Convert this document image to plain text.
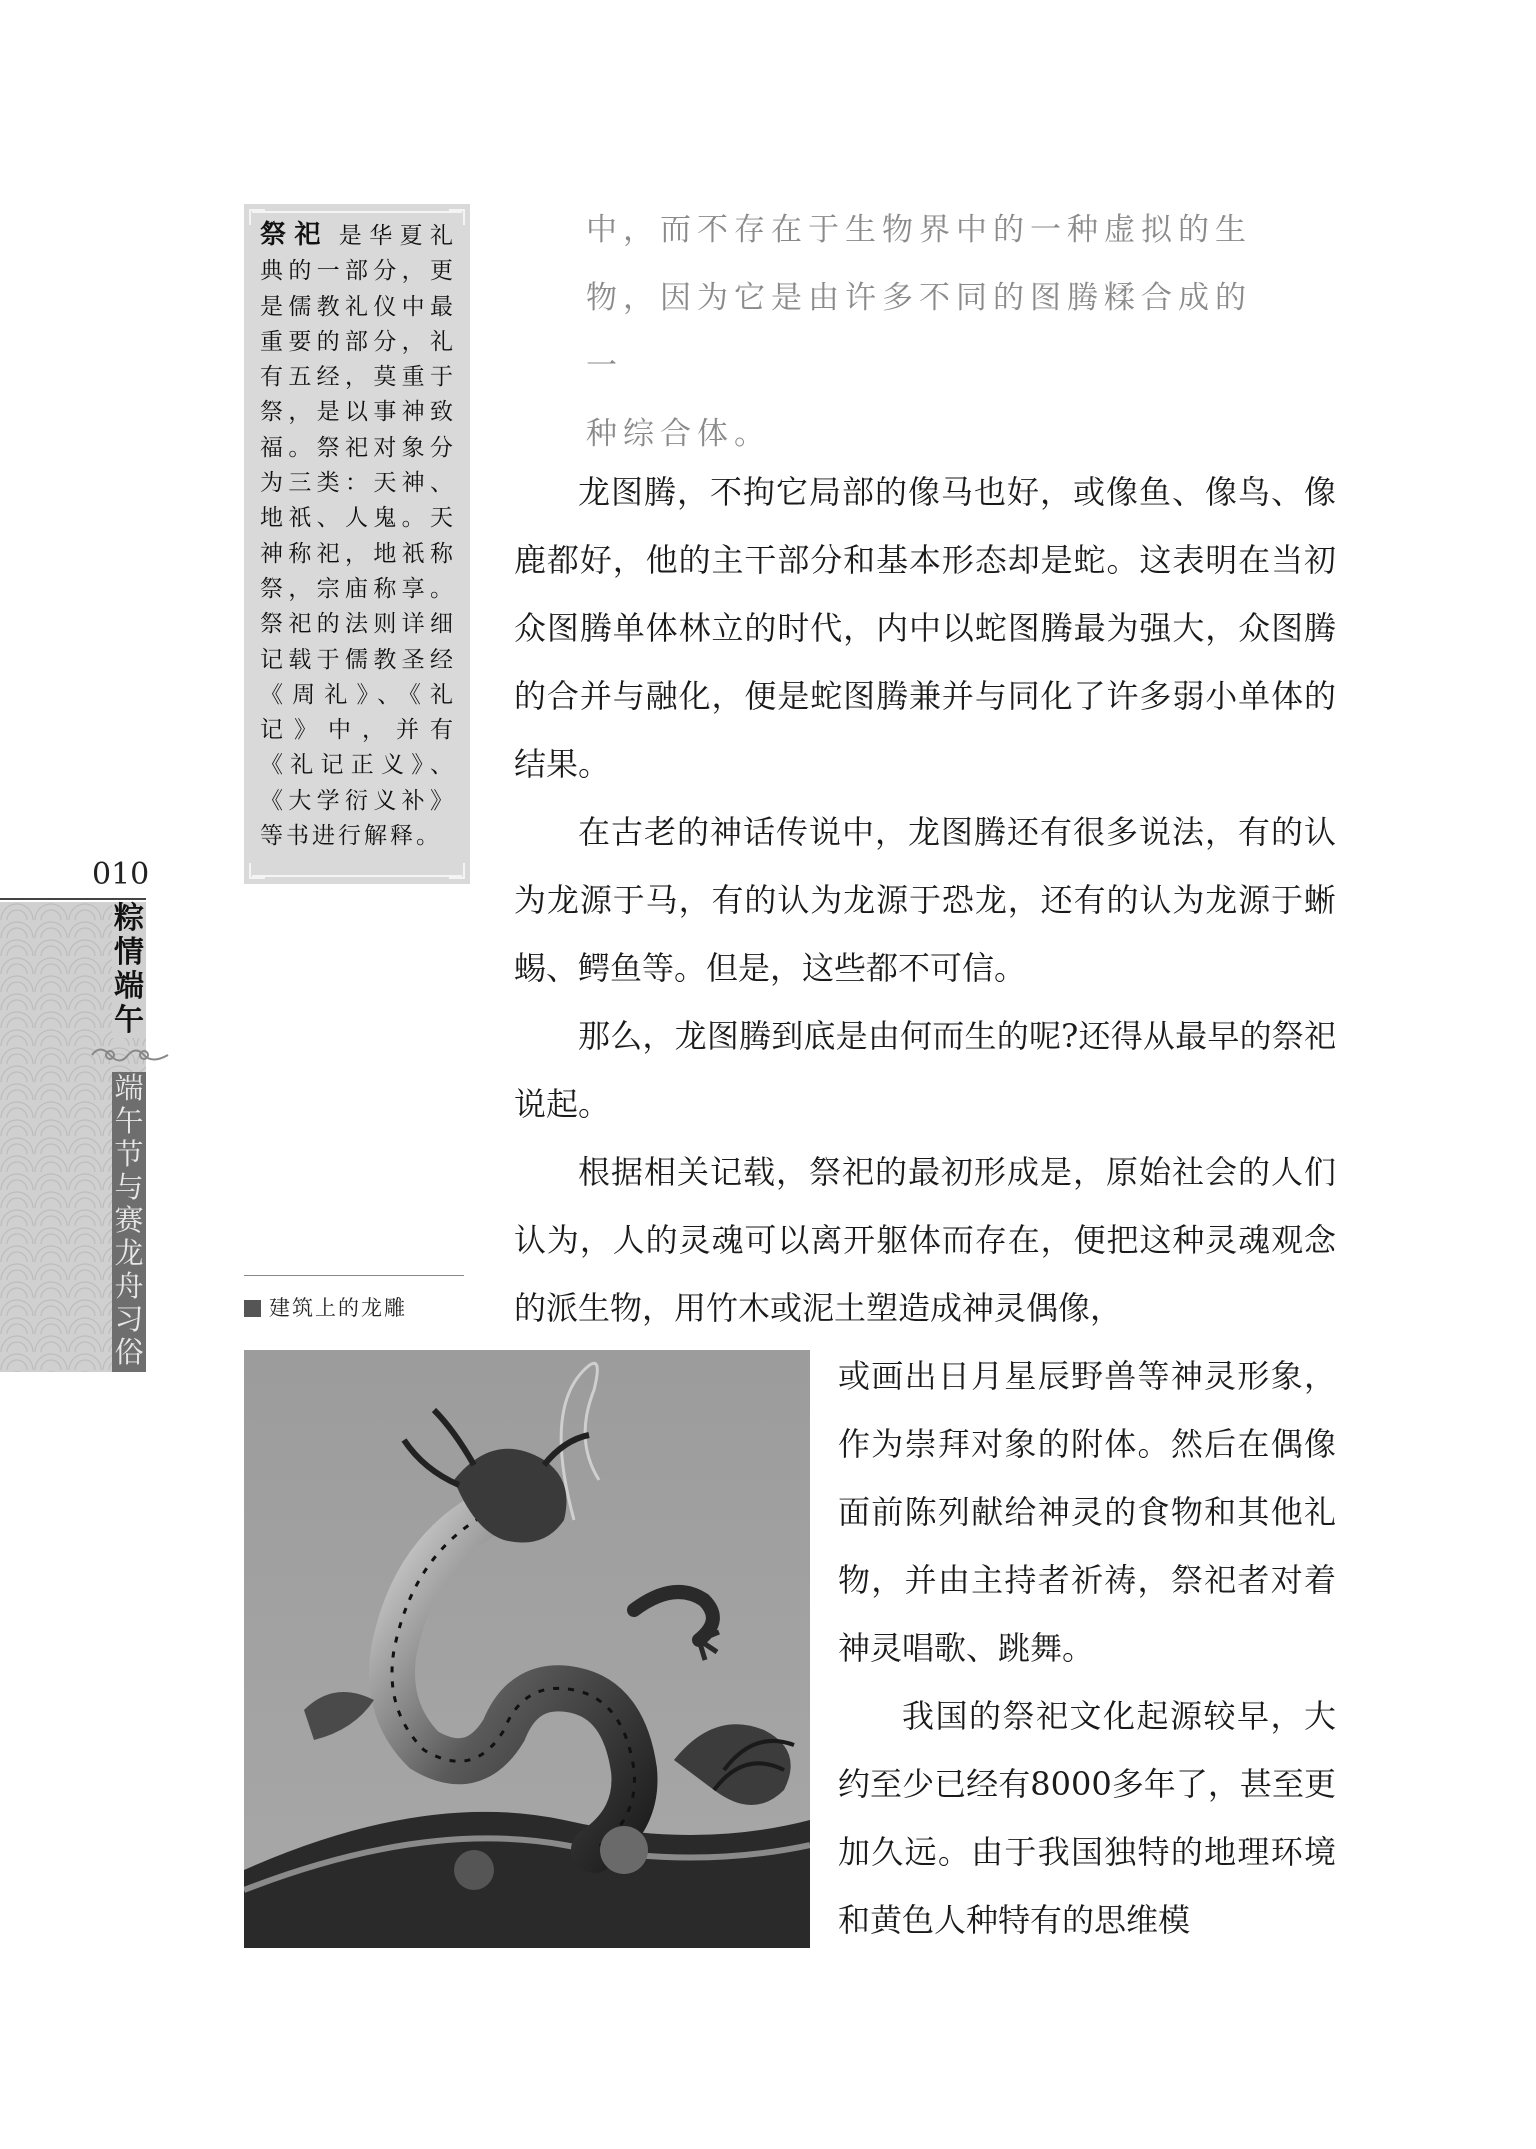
祭祀 是华夏礼典的一部分，更是儒教礼仪中最重要的部分，礼有五经，莫重于祭，是以事神致福。祭祀对象分为三类：天神、地祇、人鬼。天神称祀，地祇称祭，宗庙称享。祭祀的法则详细记载于儒教圣经《周礼》、《礼记》中，并有《礼记正义》、《大学衍义补》等书进行解释。
中，而不存在于生物界中的一种虚拟的生
物，因为它是由许多不同的图腾糅合成的一
种综合体。

龙图腾，不拘它局部的像马也好，或像鱼、像鸟、像鹿都好，他的主干部分和基本形态却是蛇。这表明在当初众图腾单体林立的时代，内中以蛇图腾最为强大，众图腾的合并与融化，便是蛇图腾兼并与同化了许多弱小单体的结果。

在古老的神话传说中，龙图腾还有很多说法，有的认为龙源于马，有的认为龙源于恐龙，还有的认为龙源于蜥蜴、鳄鱼等。但是，这些都不可信。

那么，龙图腾到底是由何而生的呢?还得从最早的祭祀说起。

根据相关记载，祭祀的最初形成是，原始社会的人们认为，人的灵魂可以离开躯体而存在，便把这种灵魂观念的派生物，用竹木或泥土塑造成神灵偶像，

或画出日月星辰野兽等神灵形象，作为崇拜对象的附体。然后在偶像面前陈列献给神灵的食物和其他礼物，并由主持者祈祷，祭祀者对着神灵唱歌、跳舞。

我国的祭祀文化起源较早，大约至少已经有8000多年了，甚至更加久远。由于我国独特的地理环境和黄色人种特有的思维模

010
粽
情
端
午
端
午
节
与
赛
龙
舟
习
俗
建筑上的龙雕
